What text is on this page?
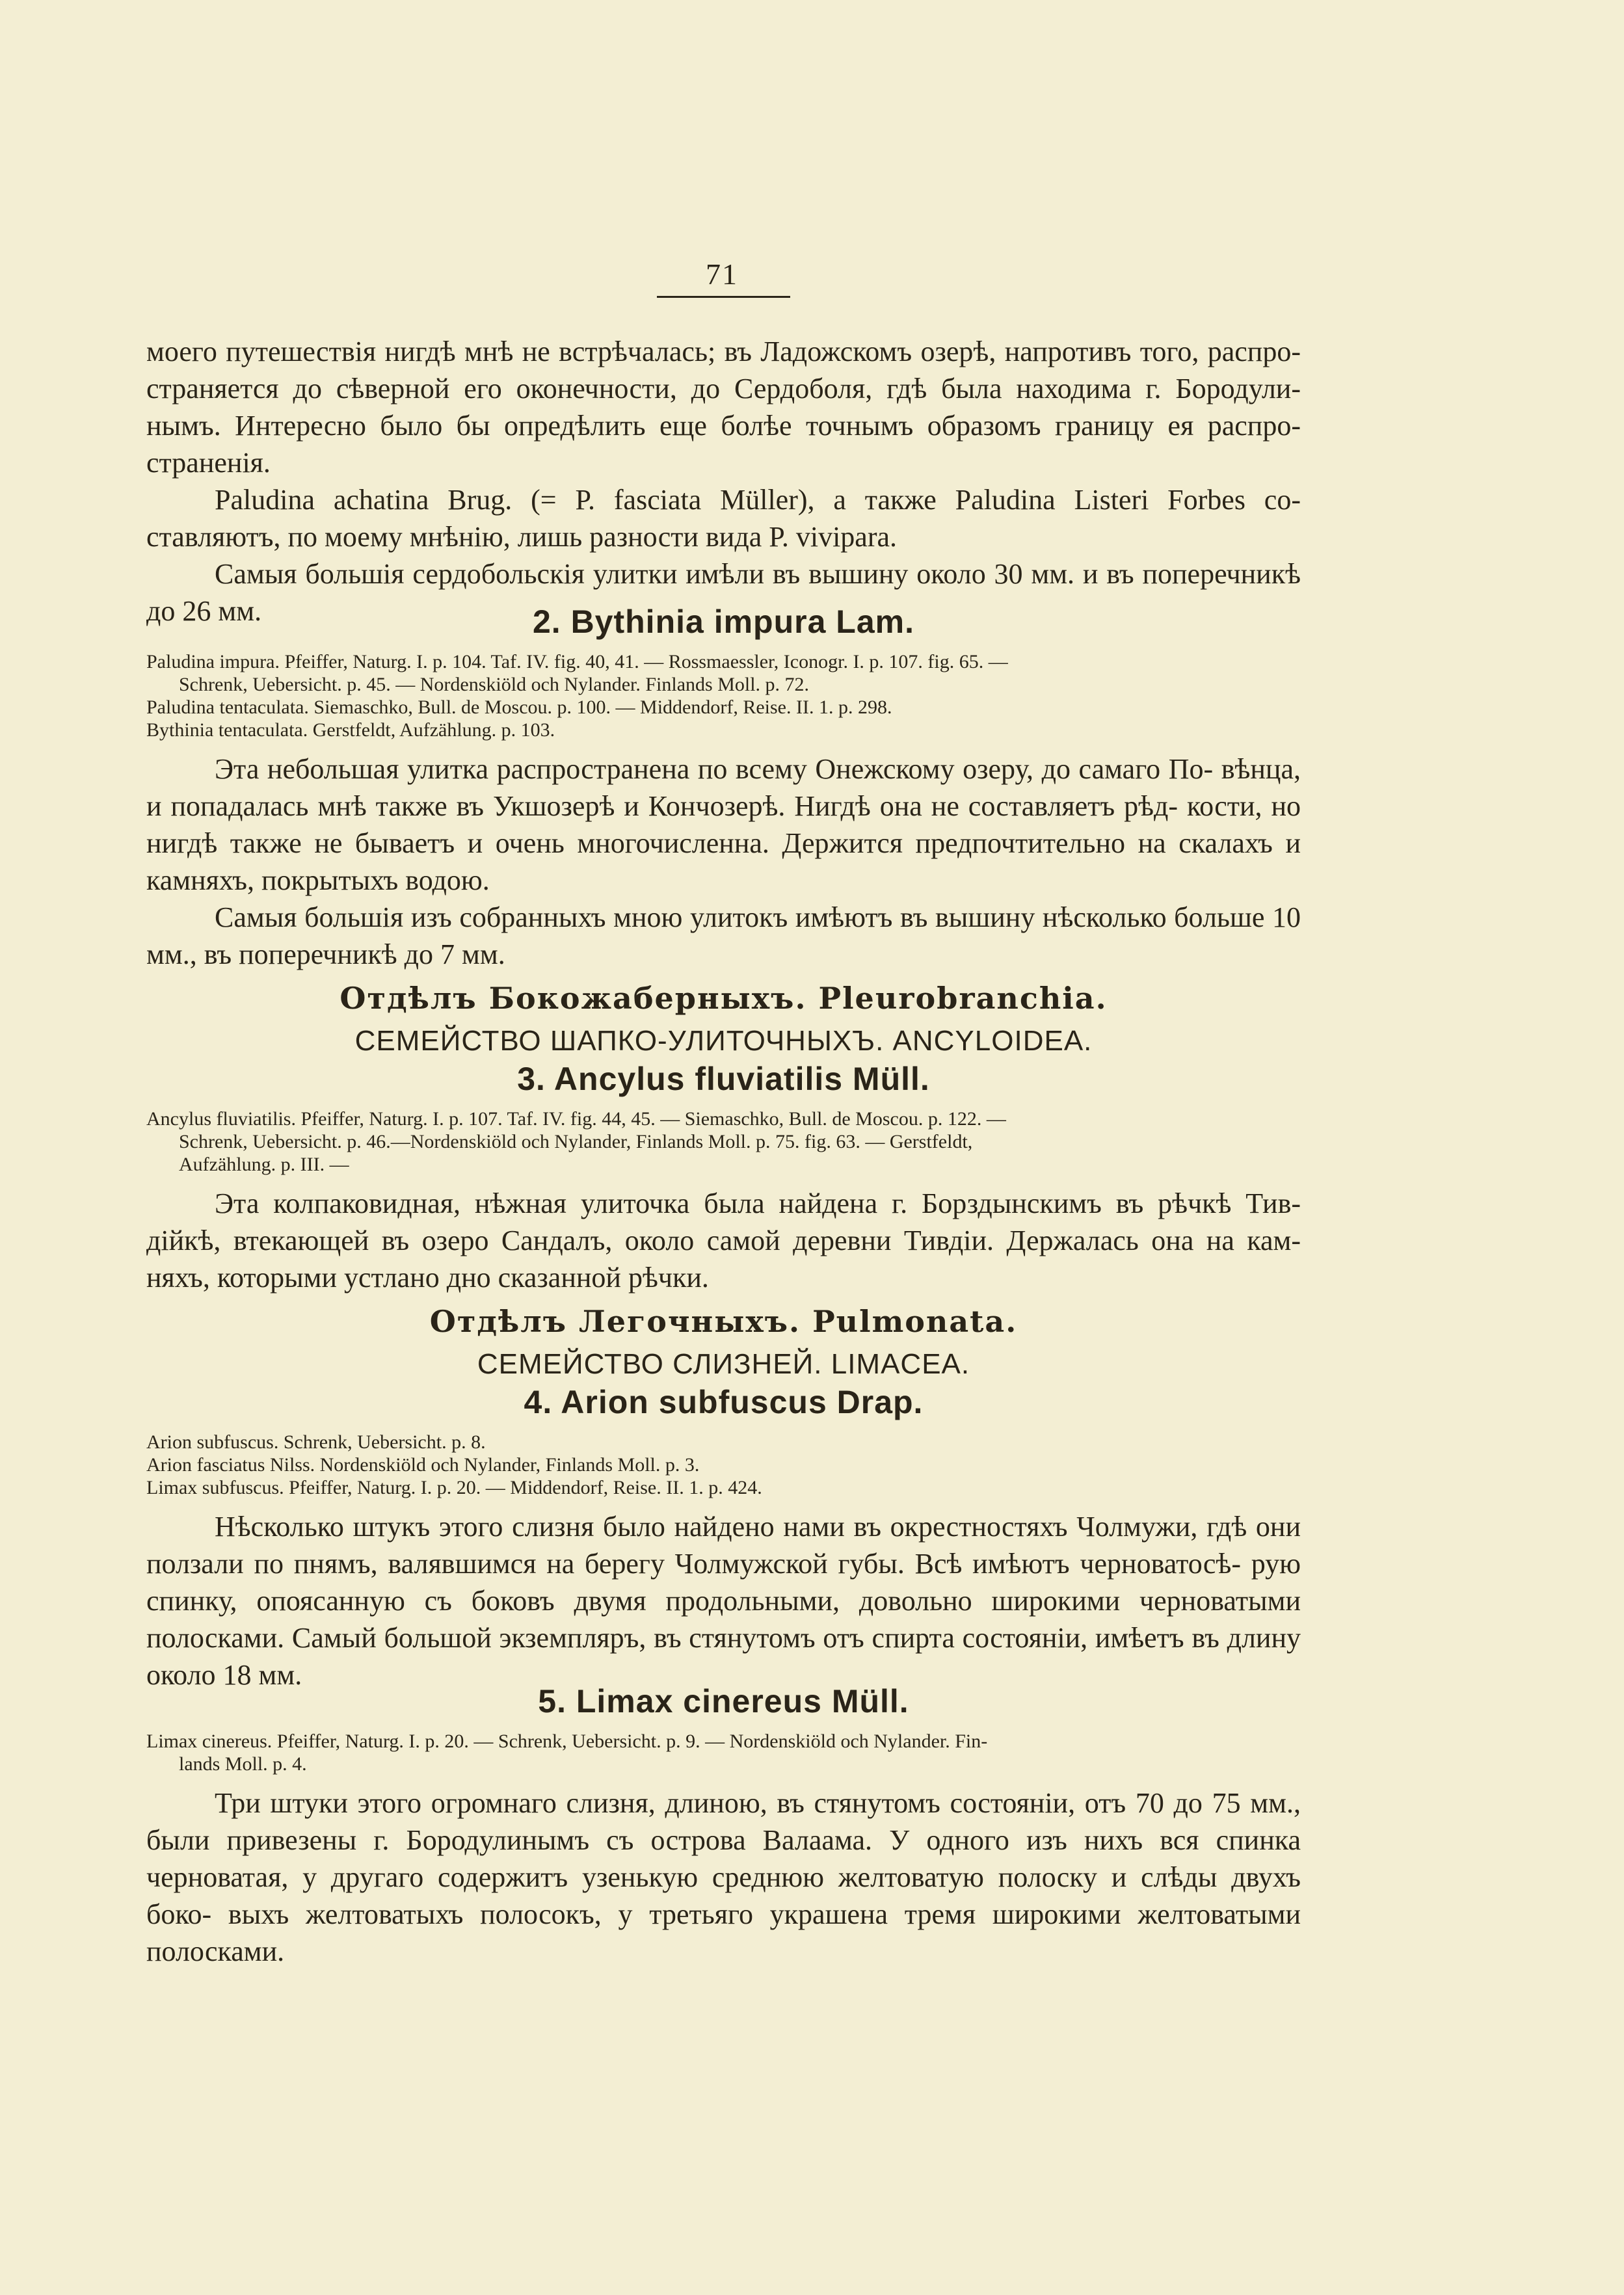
71

моего путешествія нигдѣ мнѣ не встрѣчалась; въ Ладожскомъ озерѣ, напротивъ того, распро- страняется до сѣверной его оконечности, до Сердоболя, гдѣ была находима г. Бородули- нымъ. Интересно было бы опредѣлить еще болѣе точнымъ образомъ границу ея распро- страненія.

Paludina achatina Brug. (= P. fasciata Müller), а также Paludina Listeri Forbes со- ставляютъ, по моему мнѣнію, лишь разности вида P. vivipara.

Самыя большія сердобольскія улитки имѣли въ вышину около 30 мм. и въ поперечникѣ до 26 мм.	2. Bythinia impura Lam.

Paludina impura. Pfeiffer, Naturg. I. p. 104. Taf. IV. fig. 40, 41. — Rossmaessler, Iconogr. I. p. 107. fig. 65. —
Schrenk, Uebersicht. p. 45. — Nordenskiöld och Nylander. Finlands Moll. p. 72.
Paludina tentaculata. Siemaschko, Bull. de Moscou. p. 100. — Middendorf, Reise. II. 1. p. 298.
Bythinia tentaculata. Gerstfeldt, Aufzählung. p. 103.

Эта небольшая улитка распространена по всему Онежскому озеру, до самаго По- вѣнца, и попадалась мнѣ также въ Укшозерѣ и Кончозерѣ. Нигдѣ она не составляетъ рѣд- кости, но нигдѣ также не бываетъ и очень многочисленна. Держится предпочтительно на скалахъ и камняхъ, покрытыхъ водою.

Самыя большія изъ собранныхъ мною улитокъ имѣютъ въ вышину нѣсколько больше 10 мм., въ поперечникѣ до 7 мм.

Отдѣлъ Бокожаберныхъ. Pleurobranchia.

СЕМЕЙСТВО ШАПКО-УЛИТОЧНЫХЪ. ANCYLOIDEA.

3. Ancylus fluviatilis Müll.

Ancylus fluviatilis. Pfeiffer, Naturg. I. p. 107. Taf. IV. fig. 44, 45. — Siemaschko, Bull. de Moscou. p. 122. —
Schrenk, Uebersicht. p. 46.—Nordenskiöld och Nylander, Finlands Moll. p. 75. fig. 63. — Gerstfeldt,
Aufzählung. p. III. —

Эта колпаковидная, нѣжная улиточка была найдена г. Борздынскимъ въ рѣчкѣ Тив- дійкѣ, втекающей въ озеро Сандалъ, около самой деревни Тивдіи. Держалась она на кам- няхъ, которыми устлано дно сказанной рѣчки.

Отдѣлъ Легочныхъ. Pulmonata.

СЕМЕЙСТВО СЛИЗНЕЙ. LIMACEA.

4. Arion subfuscus Drap.

Arion subfuscus. Schrenk, Uebersicht. p. 8.
Arion fasciatus Nilss. Nordenskiöld och Nylander, Finlands Moll. p. 3.
Limax subfuscus. Pfeiffer, Naturg. I. p. 20. — Middendorf, Reise. II. 1. p. 424.

Нѣсколько штукъ этого слизня было найдено нами въ окрестностяхъ Чолмужи, гдѣ они ползали по пнямъ, валявшимся на берегу Чолмужской губы. Всѣ имѣютъ черноватосѣ- рую спинку, опоясанную съ боковъ двумя продольными, довольно широкими черноватыми полосками. Самый большой экземпляръ, въ стянутомъ отъ спирта состояніи, имѣетъ въ длину около 18 мм.

5. Limax cinereus Müll.

Limax cinereus. Pfeiffer, Naturg. I. p. 20. — Schrenk, Uebersicht. p. 9. — Nordenskiöld och Nylander. Fin-
lands Moll. p. 4.

Три штуки этого огромнаго слизня, длиною, въ стянутомъ состояніи, отъ 70 до 75 мм., были привезены г. Бородулинымъ съ острова Валаама. У одного изъ нихъ вся спинка черноватая, у другаго содержитъ узенькую среднюю желтоватую полоску и слѣды двухъ боко- выхъ желтоватыхъ полосокъ, у третьяго украшена тремя широкими желтоватыми полосками.
